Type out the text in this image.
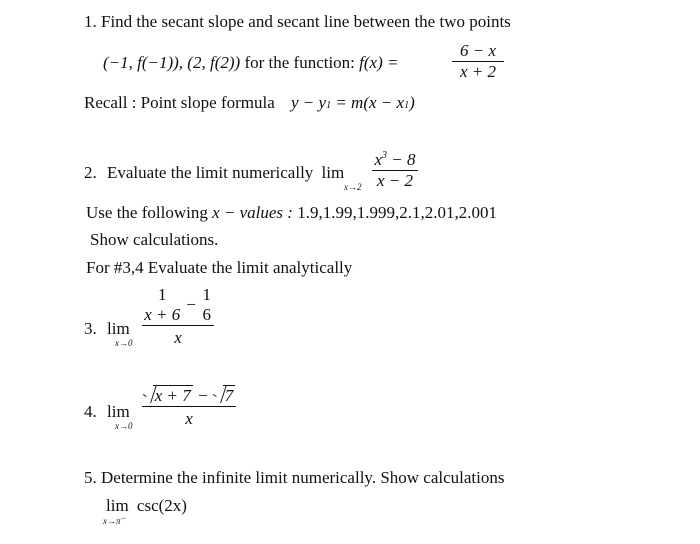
1. Find the secant slope and secant line between the two points
(−1, f(−1)), (2, f(2)) for the function: f(x) =
6 − x
x + 2
Recall : Point slope formula y − y1 = m(x − x1)
2. Evaluate the limit numerically lim
x→2
$x^3 - 8$
x − 2
Use the following x − values : 1.9,1.99,1.999,2.1,2.01,2.001
Show calculations.
For #3,4 Evaluate the limit analytically
3. lim
x→0
1
x + 6
−
1
6
x
4. lim
x→0
x + 7 −
7
x
5. Determine the infinite limit numerically. Show calculations
lim csc(2x)
x→π−
